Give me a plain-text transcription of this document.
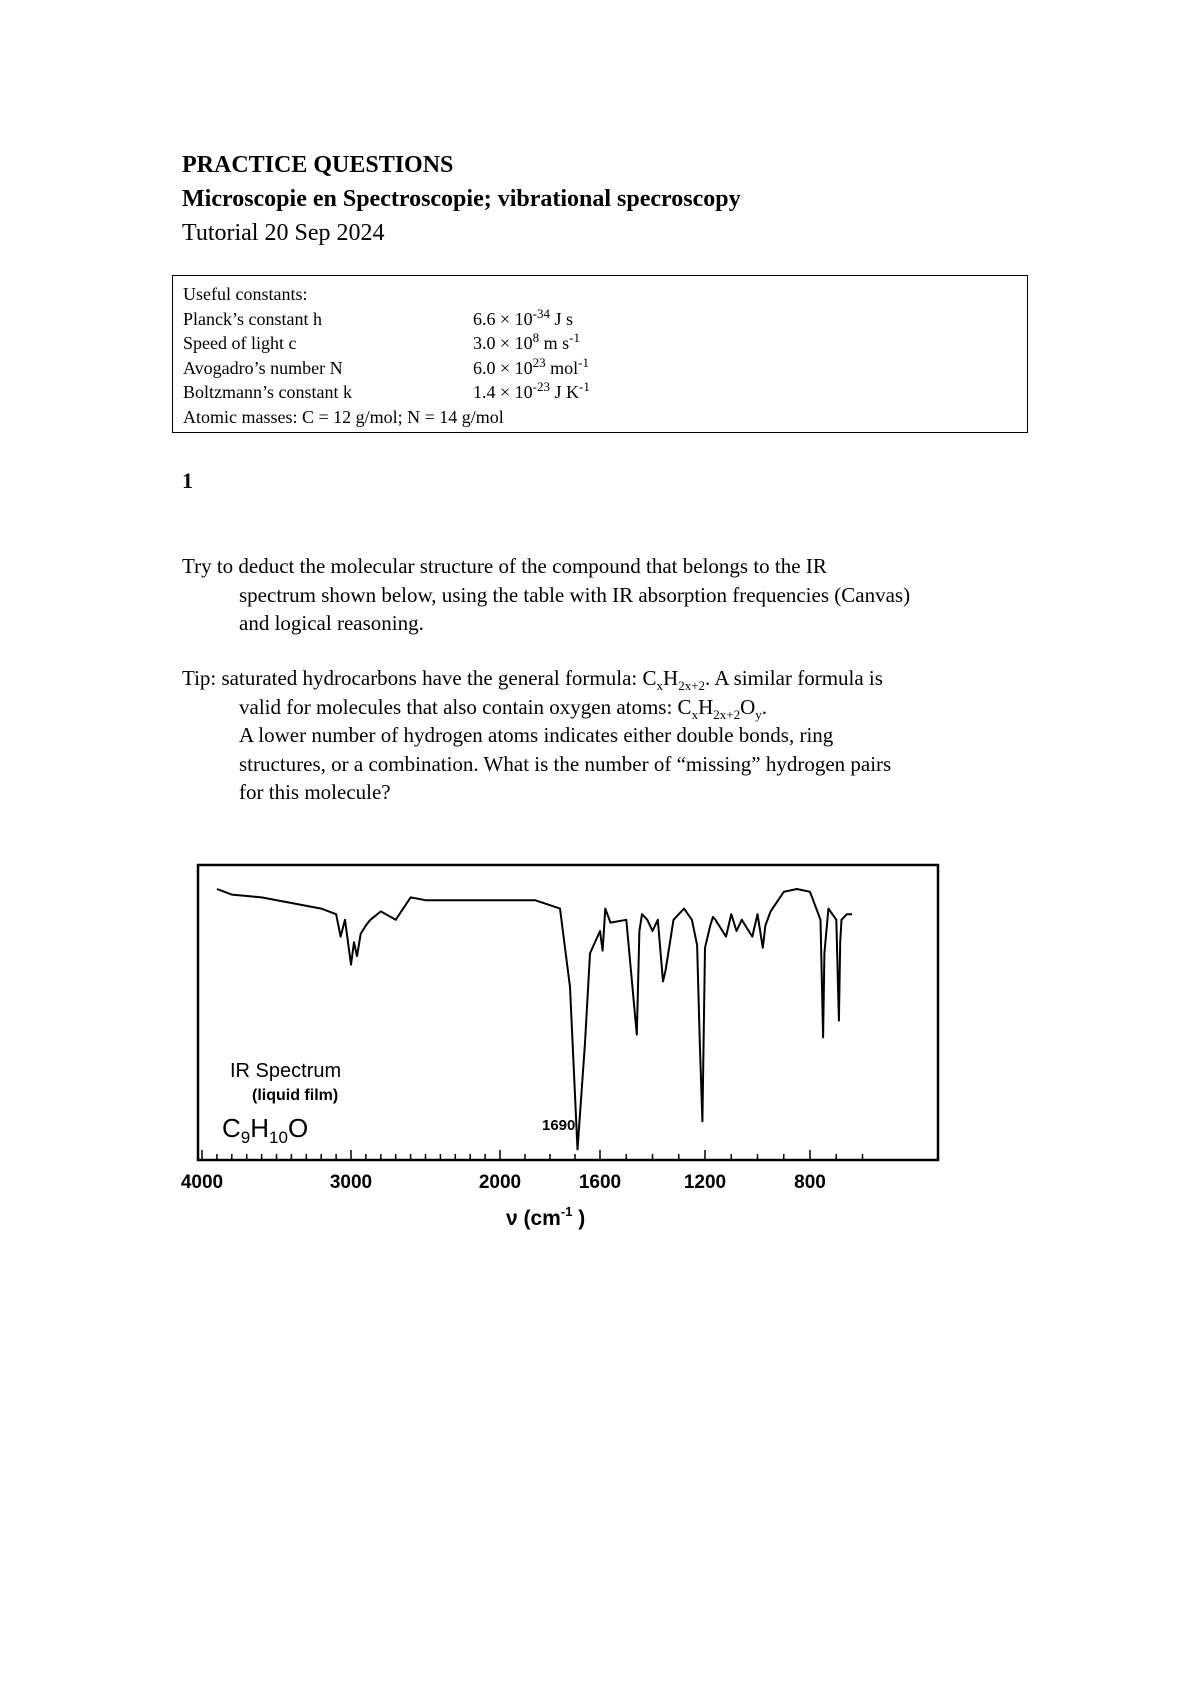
PRACTICE QUESTIONS
Microscopie en Spectroscopie; vibrational specroscopy
Tutorial 20 Sep 2024
Useful constants:
Planck’s constant h	$6.6 \times 10^{-34}$ J s
Speed of light c	$3.0 \times 10^8$ m $s^{-1}$
Avogadro’s number N	$6.0 \times 10^{23}$ mol$^{-1}$
Boltzmann’s constant k	$1.4 \times 10^{-23}$ J $K^{-1}$
Atomic masses: C = 12 g/mol; N = 14 g/mol
1
Try to deduct the molecular structure of the compound that belongs to the IR
spectrum shown below, using the table with IR absorption frequencies (Canvas)
and logical reasoning.
Tip: saturated hydrocarbons have the general formula: $C_xH_{2x+2}$. A similar formula is
valid for molecules that also contain oxygen atoms: $C_xH_{2x+2}O_y$.
A lower number of hydrogen atoms indicates either double bonds, ring
structures, or a combination. What is the number of “missing” hydrogen pairs
for this molecule?
IR Spectrum
(liquid film)
$C_9H_{10}O$	1690
4000	3000	2000	1600	1200	800
ν ($cm^{-1}$ )
